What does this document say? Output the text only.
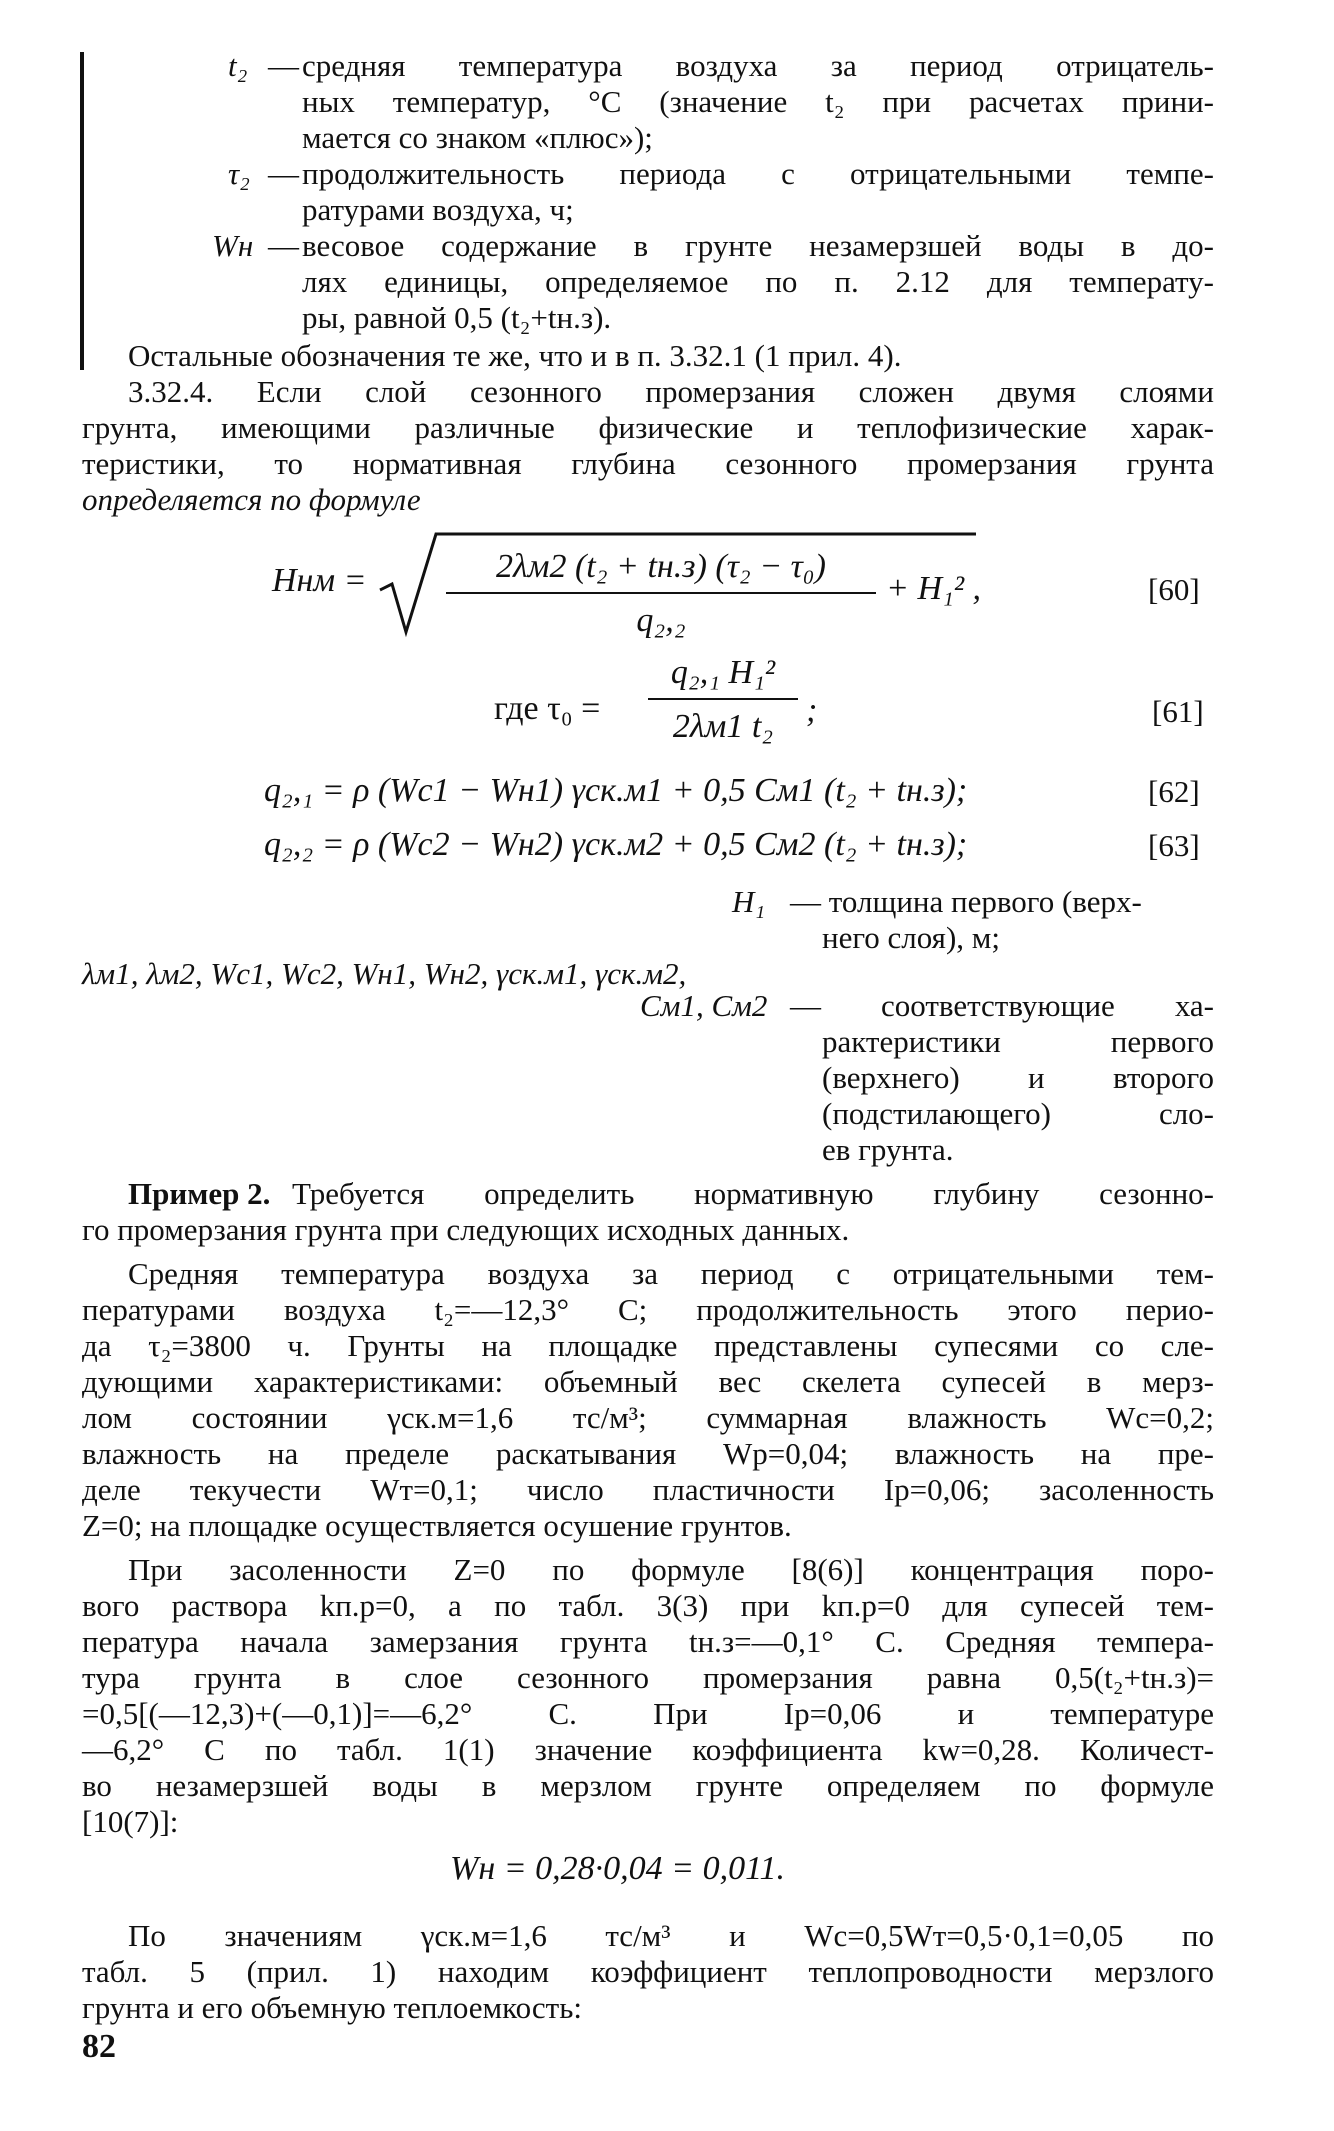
t₂ — средняя температура воздуха за период отрицатель-
ных температур, °C (значение t₂ при расчетах прини-
мается со знаком «плюс»);
τ₂ — продолжительность периода с отрицательными темпе-
ратурами воздуха, ч;
Wн — весовое содержание в грунте незамерзшей воды в до-
лях единицы, определяемое по п. 2.12 для температу-
ры, равной 0,5 (t₂+tн.з).
Остальные обозначения те же, что и в п. 3.32.1 (1 прил. 4).
3.32.4. Если слой сезонного промерзания сложен двумя слоями
грунта, имеющими различные физические и теплофизические харак-
теристики, то нормативная глубина сезонного промерзания грунта
определяется по формуле
Hнм =	2λм2 (t₂ + tн.з) (τ₂ − τ₀)
q₂,₂
+ H₁² ,	[60]
где τ₀ =
q₂,₁ H₁²
2λм1 t₂ ;	[61]
q₂,₁ = ρ (Wс1 − Wн1) γск.м1 + 0,5 Cм1 (t₂ + tн.з);	[62]
q₂,₂ = ρ (Wс2 − Wн2) γск.м2 + 0,5 Cм2 (t₂ + tн.з);	[63]
H₁ — толщина первого (верх-
него слоя), м;
λм1, λм2, Wс1, Wс2, Wн1, Wн2, γск.м1, γск.м2,
Cм1, Cм2 — соответствующие ха-
рактеристики первого
(верхнего) и второго
(подстилающего) сло-
ев грунта.
Пример 2. Требуется определить нормативную глубину сезонно-
го промерзания грунта при следующих исходных данных.
Средняя температура воздуха за период с отрицательными тем-
пературами воздуха t₂=—12,3° C; продолжительность этого перио-
да τ₂=3800 ч. Грунты на площадке представлены супесями со сле-
дующими характеристиками: объемный вес скелета супесей в мерз-
лом состоянии γск.м=1,6 тс/м³; суммарная влажность Wс=0,2;
влажность на пределе раскатывания Wр=0,04; влажность на пре-
деле текучести Wт=0,1; число пластичности Iр=0,06; засоленность
Z=0; на площадке осуществляется осушение грунтов.
При засоленности Z=0 по формуле [8(6)] концентрация поро-
вого раствора kп.р=0, а по табл. 3(3) при kп.р=0 для супесей тем-
пература начала замерзания грунта tн.з=—0,1° C. Средняя темпера-
тура грунта в слое сезонного промерзания равна 0,5(t₂+tн.з)=
=0,5[(—12,3)+(—0,1)]=—6,2° C. При Iр=0,06 и температуре
—6,2° C по табл. 1(1) значение коэффициента kw=0,28. Количест-
во незамерзшей воды в мерзлом грунте определяем по формуле
[10(7)]:
Wн = 0,28·0,04 = 0,011.
По значениям γск.м=1,6 тс/м³ и Wс=0,5Wт=0,5·0,1=0,05 по
табл. 5 (прил. 1) находим коэффициент теплопроводности мерзлого
грунта и его объемную теплоемкость:
82
